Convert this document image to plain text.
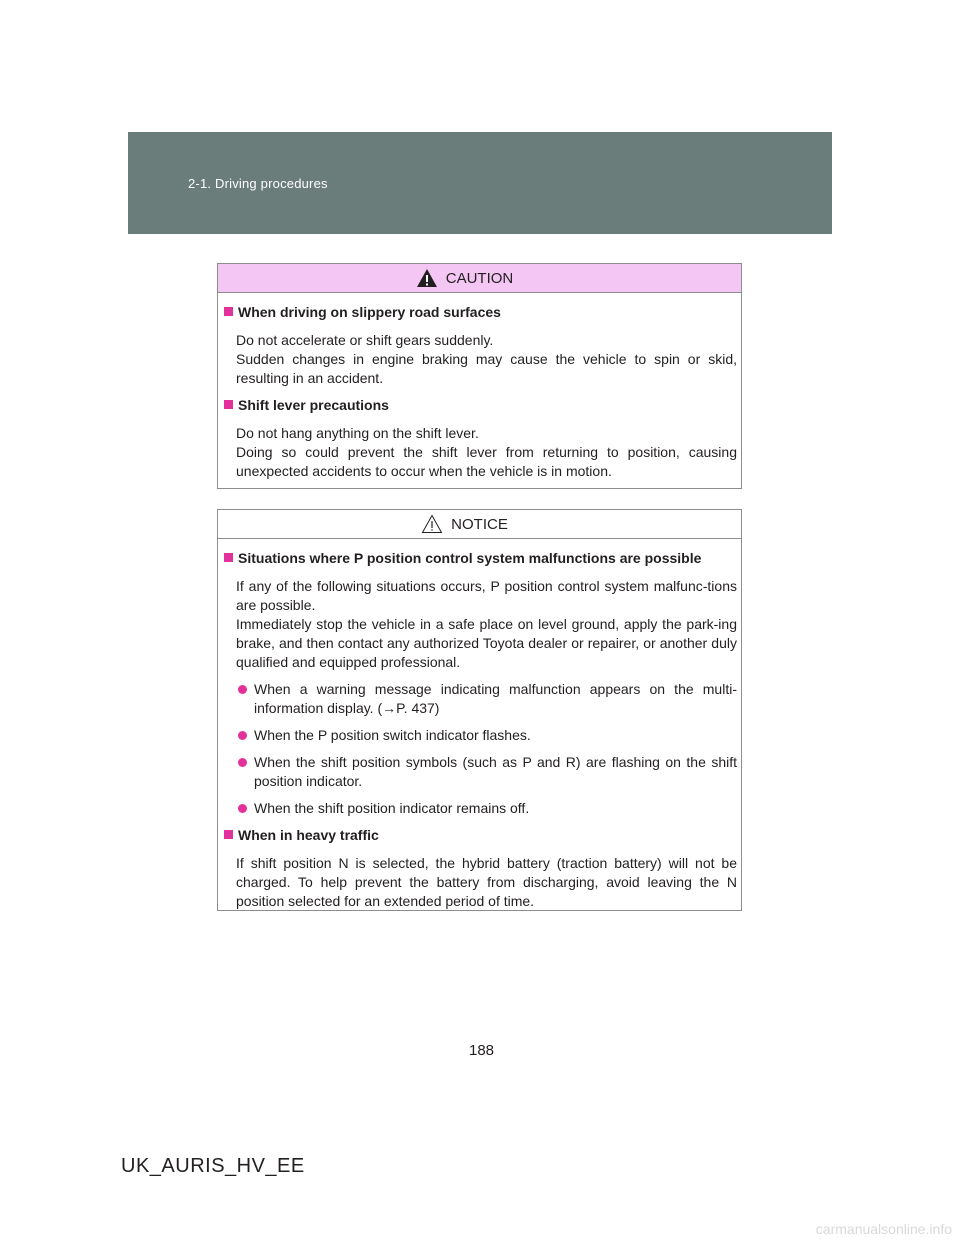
2-1. Driving procedures
CAUTION
When driving on slippery road surfaces
Do not accelerate or shift gears suddenly.
Sudden changes in engine braking may cause the vehicle to spin or skid, resulting in an accident.
Shift lever precautions
Do not hang anything on the shift lever.
Doing so could prevent the shift lever from returning to position, causing unexpected accidents to occur when the vehicle is in motion.
NOTICE
Situations where P position control system malfunctions are possible
If any of the following situations occurs, P position control system malfunc-tions are possible.
Immediately stop the vehicle in a safe place on level ground, apply the park-ing brake, and then contact any authorized Toyota dealer or repairer, or another duly qualified and equipped professional.
When a warning message indicating malfunction appears on the multi-information display. (→P. 437)
When the P position switch indicator flashes.
When the shift position symbols (such as P and R) are flashing on the shift position indicator.
When the shift position indicator remains off.
When in heavy traffic
If shift position N is selected, the hybrid battery (traction battery) will not be charged. To help prevent the battery from discharging, avoid leaving the N position selected for an extended period of time.
188
UK_AURIS_HV_EE
carmanualsonline.info
